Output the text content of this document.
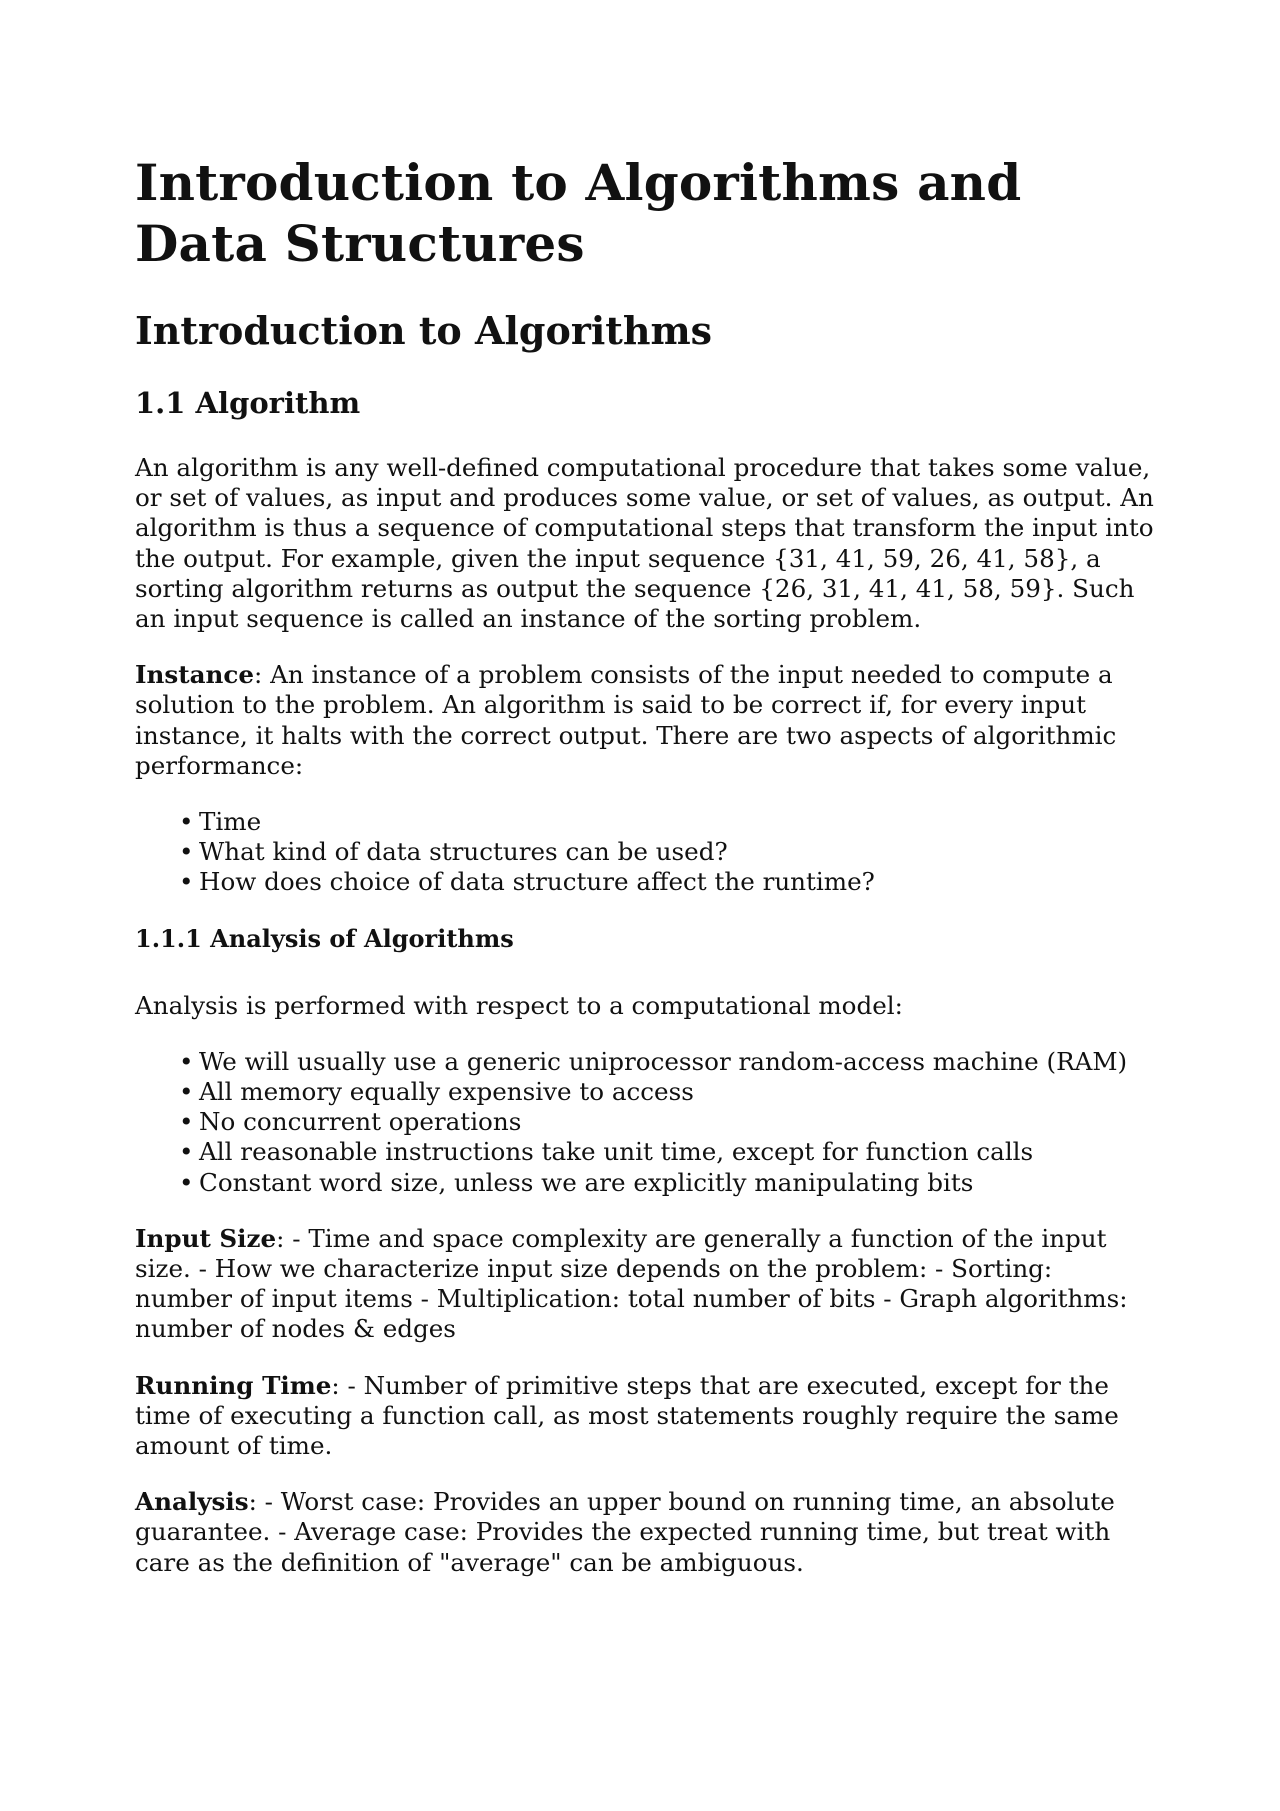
Introduction to Algorithms and Data Structures
Introduction to Algorithms
1.1 Algorithm

An algorithm is any well-defined computational procedure that takes some value, or set of values, as input and produces some value, or set of values, as output. An algorithm is thus a sequence of computational steps that transform the input into the output. For example, given the input sequence {31, 41, 59, 26, 41, 58}, a sorting algorithm returns as output the sequence {26, 31, 41, 41, 58, 59}. Such an input sequence is called an instance of the sorting problem.

Instance: An instance of a problem consists of the input needed to compute a solution to the problem. An algorithm is said to be correct if, for every input instance, it halts with the correct output. There are two aspects of algorithmic performance:

• Time
• What kind of data structures can be used?
• How does choice of data structure affect the runtime?
1.1.1 Analysis of Algorithms

Analysis is performed with respect to a computational model:

• We will usually use a generic uniprocessor random-access machine (RAM)
• All memory equally expensive to access
• No concurrent operations
• All reasonable instructions take unit time, except for function calls
• Constant word size, unless we are explicitly manipulating bits

Input Size: - Time and space complexity are generally a function of the input size. - How we characterize input size depends on the problem: - Sorting: number of input items - Multiplication: total number of bits - Graph algorithms: number of nodes & edges

Running Time: - Number of primitive steps that are executed, except for the time of executing a function call, as most statements roughly require the same amount of time.

Analysis: - Worst case: Provides an upper bound on running time, an absolute guarantee. - Average case: Provides the expected running time, but treat with care as the definition of "average" can be ambiguous.
